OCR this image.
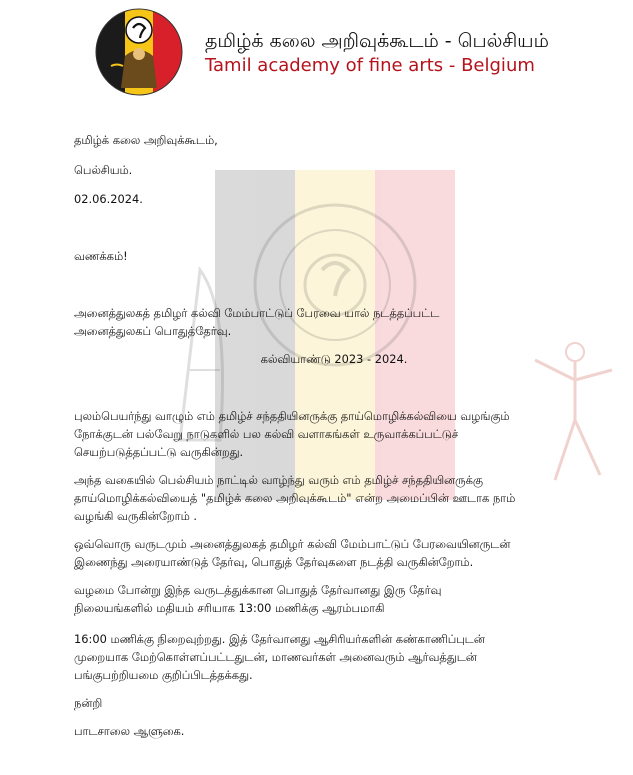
தமிழ்க் கலை அறிவுக்கூடம் - பெல்சியம்
Tamil academy of fine arts - Belgium

தமிழ்க் கலை அறிவுக்கூடம்,

பெல்சியம்.

02.06.2024.

வணக்கம்!

அனைத்துலகத் தமிழர் கல்வி மேம்பாட்டுப் பேரவை யால் நடத்தப்பட்ட

அனைத்துலகப் பொதுத்தேர்வு.

கல்வியாண்டு 2023 - 2024.

புலம்பெயர்ந்து வாழும் எம் தமிழ்ச் சந்ததியினருக்கு தாய்மொழிக்கல்வியை வழங்கும்

நோக்குடன் பல்வேறு நாடுகளில் பல கல்வி வளாகங்கள் உருவாக்கப்பட்டுச்

செயற்படுத்தப்பட்டு வருகின்றது.

அந்த வகையில் பெல்சியம் நாட்டில் வாழ்ந்து வரும் எம் தமிழ்ச் சந்ததியினருக்கு

தாய்மொழிக்கல்வியைத் "தமிழ்க் கலை அறிவுக்கூடம்" என்ற அமைப்பின் ஊடாக நாம்

வழங்கி வருகின்றோம் .

ஒவ்வொரு வருடமும் அனைத்துலகத் தமிழர் கல்வி மேம்பாட்டுப் பேரவையினருடன்

இணைந்து அரையாண்டுத் தேர்வு, பொதுத் தேர்வுகளை நடத்தி வருகின்றோம்.

வழமை போன்று இந்த வருடத்துக்கான பொதுத் தேர்வானது இரு தேர்வு

நிலையங்களில் மதியம் சரியாக 13:00 மணிக்கு ஆரம்பமாகி

16:00 மணிக்கு நிறைவுற்றது. இத் தேர்வானது ஆசிரியர்களின் கண்காணிப்புடன்

முறையாக மேற்கொள்ளப்பட்டதுடன், மாணவர்கள் அனைவரும் ஆர்வத்துடன்

பங்குபற்றியமை குறிப்பிடத்தக்கது.

நன்றி

பாடசாலை ஆளுகை.
